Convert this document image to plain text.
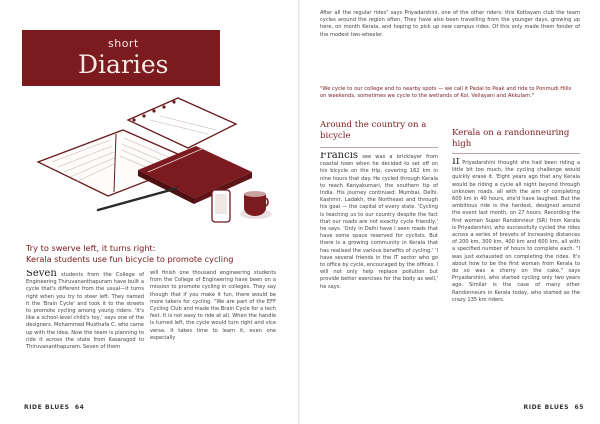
short
Diaries
Try to swerve left, it turns right:
Kerala students use fun bicycle to promote cycling
Seven students from the College of Engineering Thiruvananthapuram have built a cycle that's different from the usual—it turns right when you try to steer left. They named it the 'Brain Cycle' and took it to the streets to promote cycling among young riders. 'It's like a school-level child's toy,' says one of the designers, Mohammed Musthafa C, who came up with the idea. Now the team is planning to ride it across the state from Kasaragod to Thiruvananthapuram. Seven of them
will finish one thousand engineering students from the College of Engineering have been on a mission to promote cycling in colleges. They say though that if you make it fun, there would be more takers for cycling. "We are part of the EFF Cycling Club and made the Brain Cycle for a tech fest. It is not easy to ride at all. When the handle is turned left, the cycle would turn right and vice versa. It takes time to learn it, even one especially
RIDE BLUES 64
After all the regular rides" says Priyadarshini, one of the other riders: this Kottayam club the team cycles around the region often. They have also been travelling from the younger days, growing up here, on month Kerala, and hoping to pick up new campus rides. Of this only made them fonder of the modest two-wheeler.
"We cycle to our college and to nearby spots — we call it Pedal to Peak and ride to Ponmudi Hills on weekends, sometimes we cycle to the wetlands of Kol, Vellayani and Akkulam."
Around the country on a bicycle
Francis see was a bricklayer from coastal town when he decided to set off on his bicycle on the trip, covering 162 km in nine hours that day. He cycled through Kerala to reach Kanyakumari, the southern tip of India. His journey continued: Mumbai, Delhi, Kashmir, Ladakh, the Northeast and through his goal — the capital of every state. 'Cycling is teaching us to our country despite the fact that our roads are not exactly cycle friendly,' he says. 'Only in Delhi have I seen roads that have some space reserved for cyclists. But there is a growing community in Kerala that has realised the various benefits of cycling.' 'I have several friends in the IT sector who go to office by cycle, encouraged by the offices. I will not only help replace pollution but provide better exercises for the body as well,' he says.
Kerala on a randonneuring high
If Priyadarshini thought she had been riding a little bit too much, the cycling challenge would quickly erase it. 'Eight years ago that any Kerala would be riding a cycle all night beyond through unknown roads, all with the aim of completing 600 km in 40 hours, she'd have laughed. But the ambitious ride is the hardest, designed around the event last month, on 27 hours. Recording the first woman Super Randonneur (SR) from Kerala is Priyadarshini, who successfully cycled the rides across a series of brevets of increasing distances of 200 km, 300 km, 400 km and 600 km, all with a specified number of hours to complete each. "I was just exhausted on completing the rides. It's about how to be the first woman from Kerala to do so was a cherry on the cake," says Priyadarshini, who started cycling only two years ago. Similar is the case of many other Randonneurs in Kerala today, who started as the crazy 135 km riders.
RIDE BLUES 65
